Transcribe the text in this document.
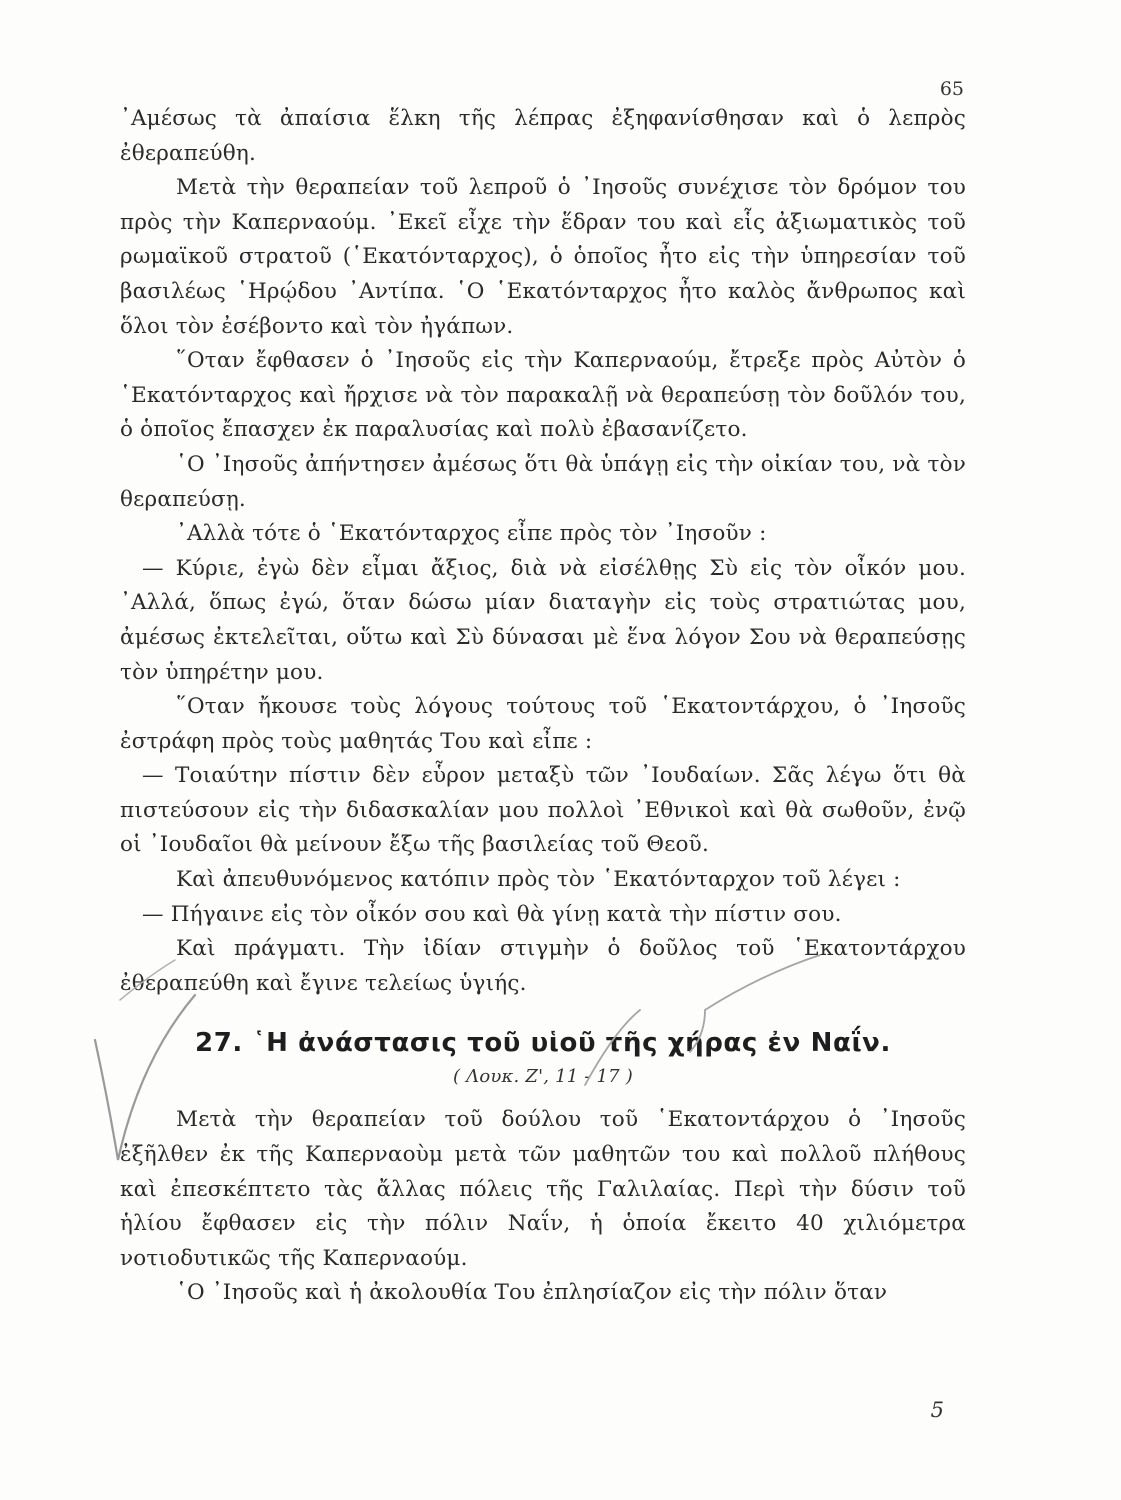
65

᾿Αμέσως τὰ ἀπαίσια ἕλκη τῆς λέπρας ἐξηφανίσθησαν καὶ ὁ λεπρὸς ἐθεραπεύθη.

Μετὰ τὴν θεραπείαν τοῦ λεπροῦ ὁ ᾿Ιησοῦς συνέχισε τὸν δρόμον του πρὸς τὴν Καπερναούμ. ᾿Εκεῖ εἶχε τὴν ἕδραν του καὶ εἷς ἀξιωματικὸς τοῦ ρωμαϊκοῦ στρατοῦ (῾Εκατόνταρχος), ὁ ὁποῖος ἦτο εἰς τὴν ὑπηρεσίαν τοῦ βασιλέως ῾Ηρῴδου ᾿Αντίπα. ῾Ο ῾Εκατόνταρχος ἦτο καλὸς ἄνθρωπος καὶ ὅλοι τὸν ἐσέβοντο καὶ τὸν ἠγάπων.

῞Οταν ἔφθασεν ὁ ᾿Ιησοῦς εἰς τὴν Καπερναούμ, ἔτρεξε πρὸς Αὐτὸν ὁ ῾Εκατόνταρχος καὶ ἤρχισε νὰ τὸν παρακαλῇ νὰ θεραπεύσῃ τὸν δοῦλόν του, ὁ ὁποῖος ἔπασχεν ἐκ παραλυσίας καὶ πολὺ ἐβασανίζετο.

῾Ο ᾿Ιησοῦς ἀπήντησεν ἀμέσως ὅτι θὰ ὑπάγῃ εἰς τὴν οἰκίαν του, νὰ τὸν θεραπεύσῃ.

᾿Αλλὰ τότε ὁ ῾Εκατόνταρχος εἶπε πρὸς τὸν ᾿Ιησοῦν :

— Κύριε, ἐγὼ δὲν εἶμαι ἄξιος, διὰ νὰ εἰσέλθῃς Σὺ εἰς τὸν οἶκόν μου. ᾿Αλλά, ὅπως ἐγώ, ὅταν δώσω μίαν διαταγὴν εἰς τοὺς στρατιώτας μου, ἀμέσως ἐκτελεῖται, οὕτω καὶ Σὺ δύνασαι μὲ ἕνα λόγον Σου νὰ θεραπεύσῃς τὸν ὑπηρέτην μου.

῞Οταν ἤκουσε τοὺς λόγους τούτους τοῦ ῾Εκατοντάρχου, ὁ ᾿Ιησοῦς ἐστράφη πρὸς τοὺς μαθητάς Του καὶ εἶπε :

— Τοιαύτην πίστιν δὲν εὗρον μεταξὺ τῶν ᾿Ιουδαίων. Σᾶς λέγω ὅτι θὰ πιστεύσουν εἰς τὴν διδασκαλίαν μου πολλοὶ ᾿Εθνικοὶ καὶ θὰ σωθοῦν, ἐνῷ οἱ ᾿Ιουδαῖοι θὰ μείνουν ἔξω τῆς βασιλείας τοῦ Θεοῦ.

Καὶ ἀπευθυνόμενος κατόπιν πρὸς τὸν ῾Εκατόνταρχον τοῦ λέγει :

— Πήγαινε εἰς τὸν οἶκόν σου καὶ θὰ γίνῃ κατὰ τὴν πίστιν σου.

Καὶ πράγματι. Τὴν ἰδίαν στιγμὴν ὁ δοῦλος τοῦ ῾Εκατοντάρχου ἐθεραπεύθη καὶ ἔγινε τελείως ὑγιής.

27. ῾Η ἀνάστασις τοῦ υἱοῦ τῆς χήρας ἐν Ναΐν.
( Λουκ. Ζ', 11 - 17 )

Μετὰ τὴν θεραπείαν τοῦ δούλου τοῦ ῾Εκατοντάρχου ὁ ᾿Ιησοῦς ἐξῆλθεν ἐκ τῆς Καπερναοὺμ μετὰ τῶν μαθητῶν του καὶ πολλοῦ πλήθους καὶ ἐπεσκέπτετο τὰς ἄλλας πόλεις τῆς Γαλιλαίας. Περὶ τὴν δύσιν τοῦ ἡλίου ἔφθασεν εἰς τὴν πόλιν Ναΐν, ἡ ὁποία ἔκειτο 40 χιλιόμετρα νοτιοδυτικῶς τῆς Καπερναούμ.

῾Ο ᾿Ιησοῦς καὶ ἡ ἀκολουθία Του ἐπλησίαζον εἰς τὴν πόλιν ὅταν

5
